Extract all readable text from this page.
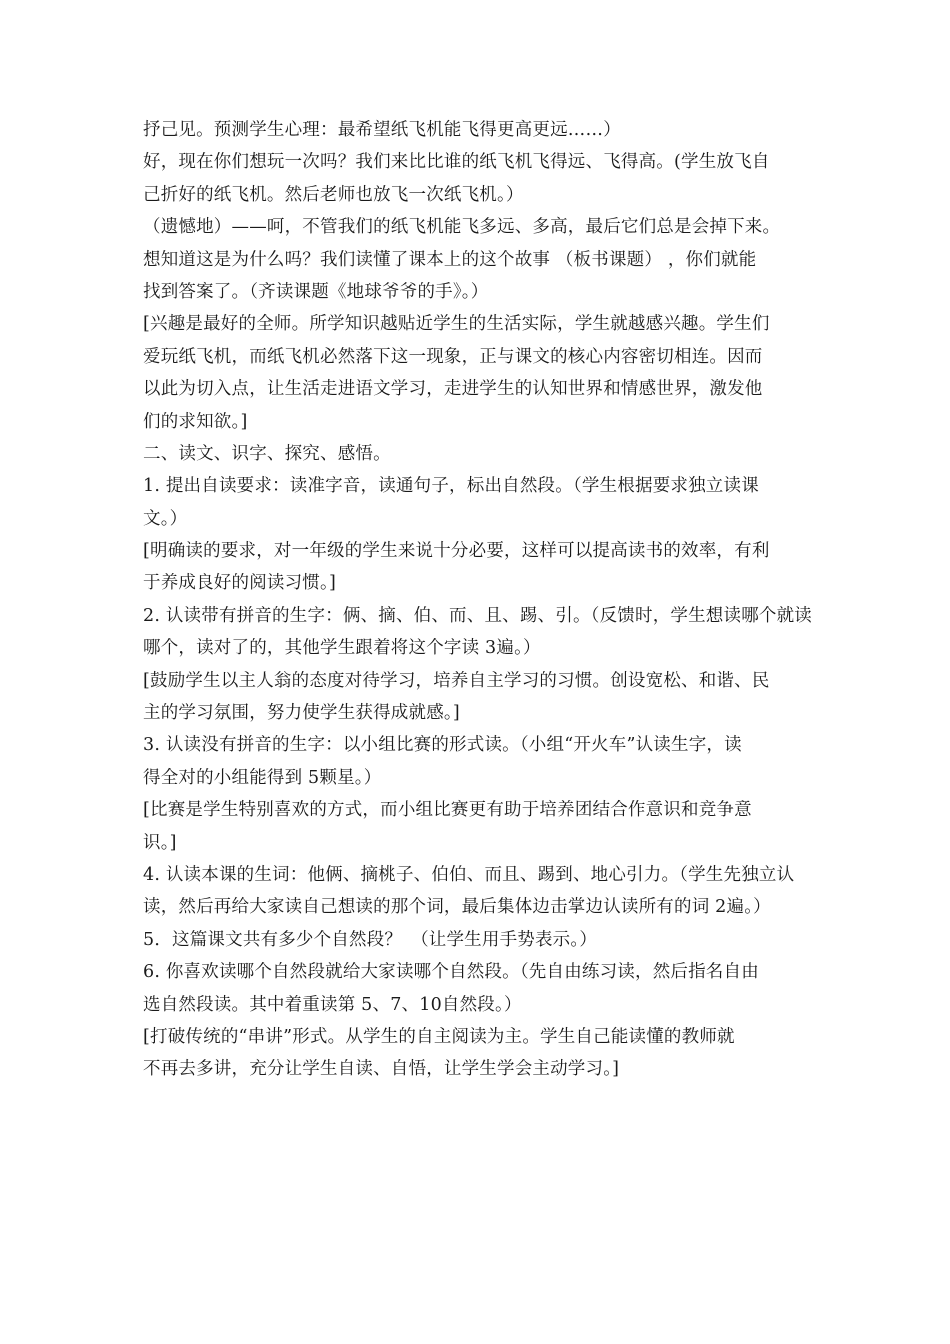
抒己见。预测学生心理：最希望纸飞机能飞得更高更远……）
好，现在你们想玩一次吗？我们来比比谁的纸飞机飞得远、飞得高。(学生放飞自
己折好的纸飞机。然后老师也放飞一次纸飞机。）
（遗憾地）——呵，不管我们的纸飞机能飞多远、多高，最后它们总是会掉下来。
想知道这是为什么吗？我们读懂了课本上的这个故事 （板书课题） ，你们就能
找到答案了。（齐读课题《地球爷爷的手》。）
[兴趣是最好的全师。所学知识越贴近学生的生活实际，学生就越感兴趣。学生们
爱玩纸飞机，而纸飞机必然落下这一现象，正与课文的核心内容密切相连。因而
以此为切入点，让生活走进语文学习，走进学生的认知世界和情感世界，激发他
们的求知欲。]
二、读文、识字、探究、感悟。
1. 提出自读要求：读准字音，读通句子，标出自然段。（学生根据要求独立读课
文。）
[明确读的要求，对一年级的学生来说十分必要，这样可以提高读书的效率，有利
于养成良好的阅读习惯。]
2. 认读带有拼音的生字：俩、摘、伯、而、且、踢、引。（反馈时，学生想读哪个就读
哪个，读对了的，其他学生跟着将这个字读 3遍。）
[鼓励学生以主人翁的态度对待学习，培养自主学习的习惯。创设宽松、和谐、民
主的学习氛围，努力使学生获得成就感。]
3. 认读没有拼音的生字：以小组比赛的形式读。（小组“开火车”认读生字，读
得全对的小组能得到 5颗星。）
[比赛是学生特别喜欢的方式，而小组比赛更有助于培养团结合作意识和竞争意
识。]
4. 认读本课的生词：他俩、摘桃子、伯伯、而且、踢到、地心引力。（学生先独立认
读，然后再给大家读自己想读的那个词，最后集体边击掌边认读所有的词 2遍。）
5．这篇课文共有多少个自然段？　（让学生用手势表示。）
6. 你喜欢读哪个自然段就给大家读哪个自然段。（先自由练习读，然后指名自由
选自然段读。其中着重读第 5、7、10自然段。）
[打破传统的“串讲”形式。从学生的自主阅读为主。学生自己能读懂的教师就
不再去多讲，充分让学生自读、自悟，让学生学会主动学习。]
